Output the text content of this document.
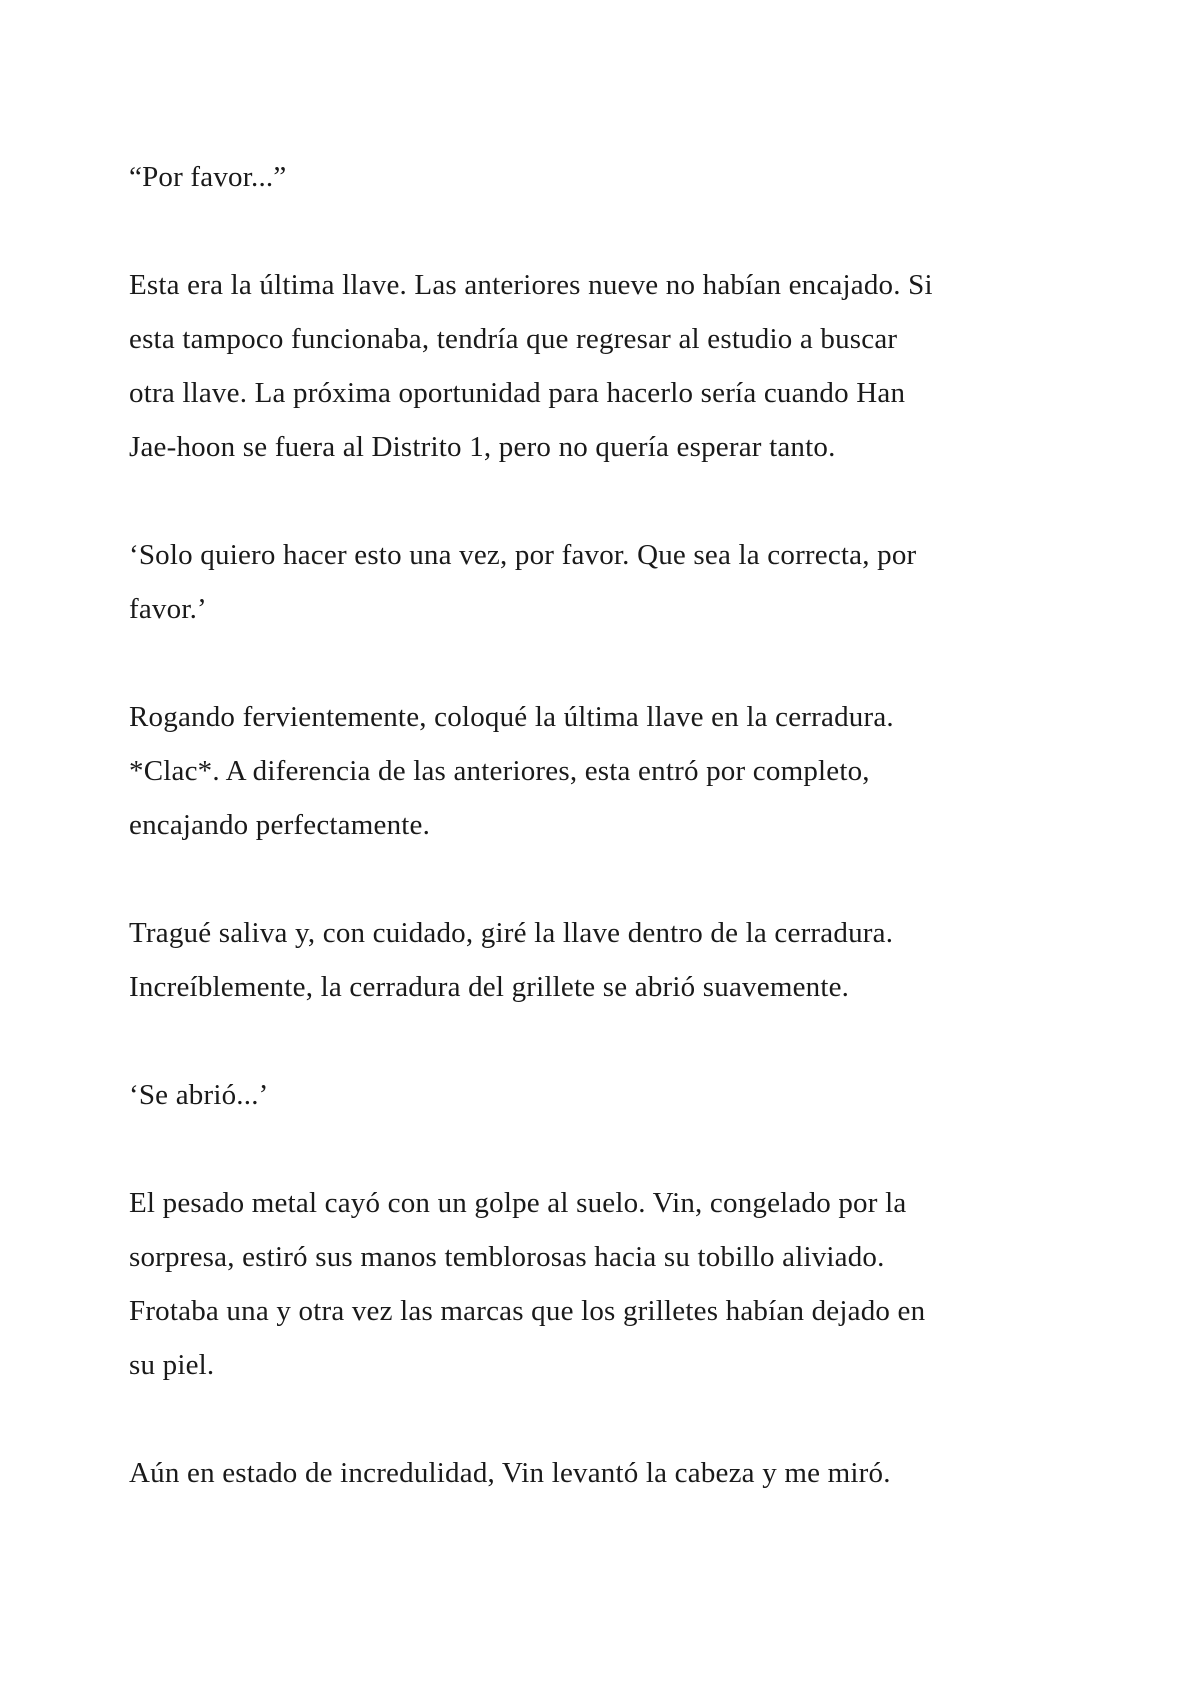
“Por favor...”
Esta era la última llave. Las anteriores nueve no habían encajado. Si
esta tampoco funcionaba, tendría que regresar al estudio a buscar
otra llave. La próxima oportunidad para hacerlo sería cuando Han
Jae-hoon se fuera al Distrito 1, pero no quería esperar tanto.
‘Solo quiero hacer esto una vez, por favor. Que sea la correcta, por
favor.’
Rogando fervientemente, coloqué la última llave en la cerradura.
*Clac*. A diferencia de las anteriores, esta entró por completo,
encajando perfectamente.
Tragué saliva y, con cuidado, giré la llave dentro de la cerradura.
Increíblemente, la cerradura del grillete se abrió suavemente.
‘Se abrió...’
El pesado metal cayó con un golpe al suelo. Vin, congelado por la
sorpresa, estiró sus manos temblorosas hacia su tobillo aliviado.
Frotaba una y otra vez las marcas que los grilletes habían dejado en
su piel.
Aún en estado de incredulidad, Vin levantó la cabeza y me miró.
